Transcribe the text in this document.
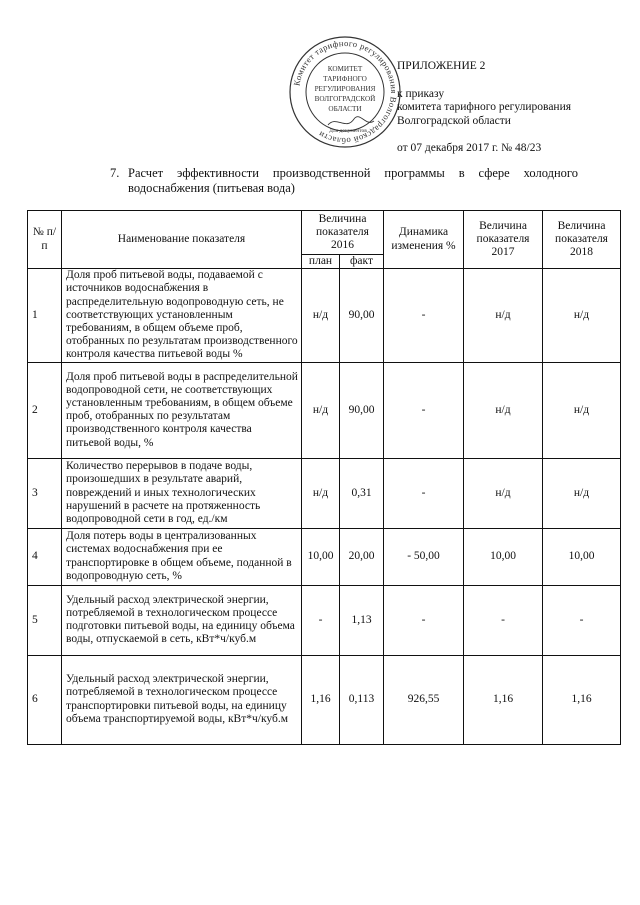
Комитет тарифного регулирования Волгоградской области
КОМИТЕТ
ТАРИФНОГО
РЕГУЛИРОВАНИЯ
ВОЛГОГРАДСКОЙ
ОБЛАСТИ
Для документов
ПРИЛОЖЕНИЕ 2
к приказу
комитета тарифного регулирования
Волгоградской области
от 07 декабря 2017 г. № 48/23
7. Расчет эффективности производственной программы в сфере холодного
водоснабжения (питьевая вода)
№ п/п	Наименование показателя	Величина показателя 2016		Динамика изменения %	Величина показателя 2017	Величина показателя 2018
		план	факт			
1	Доля проб питьевой воды, подаваемой с источников водоснабжения в распределительную водопроводную сеть, не соответствующих установленным требованиям, в общем объеме проб, отобранных по результатам производственного контроля качества питьевой воды %	н/д	90,00	-	н/д	н/д
2	Доля проб питьевой воды в распределительной водопроводной сети, не соответствующих установленным требованиям, в общем объеме проб, отобранных по результатам производственного контроля качества питьевой воды, %	н/д	90,00	-	н/д	н/д
3	Количество перерывов в подаче воды, произошедших в результате аварий, повреждений и иных технологических нарушений в расчете на протяженность водопроводной сети в год, ед./км	н/д	0,31	-	н/д	н/д
4	Доля потерь воды в централизованных системах водоснабжения при ее транспортировке в общем объеме, поданной в водопроводную сеть, %	10,00	20,00	- 50,00	10,00	10,00
5	Удельный расход электрической энергии, потребляемой в технологическом процессе подготовки питьевой воды, на единицу объема воды, отпускаемой в сеть, кВт*ч/куб.м	-	1,13	-	-	-
6	Удельный расход электрической энергии, потребляемой в технологическом процессе транспортировки питьевой воды, на единицу объема транспортируемой воды, кВт*ч/куб.м	1,16	0,113	926,55	1,16	1,16
